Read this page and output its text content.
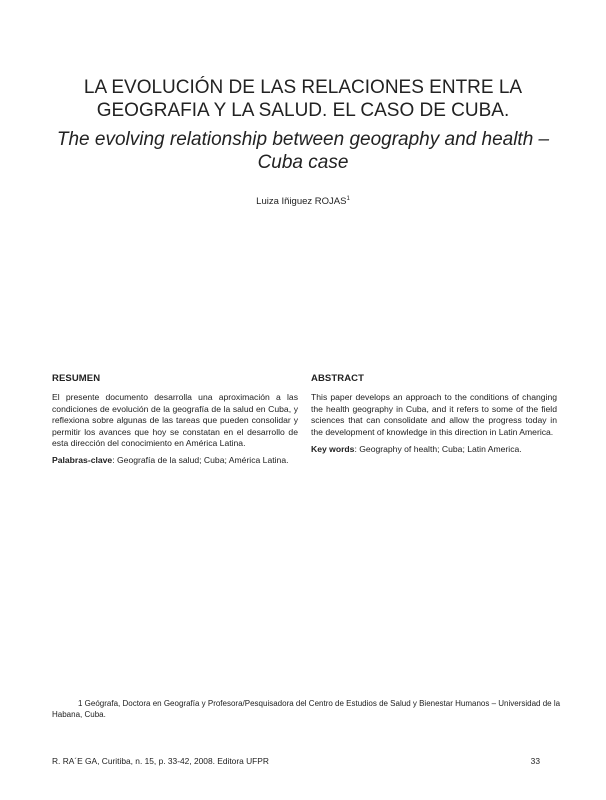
LA EVOLUCIÓN DE LAS RELACIONES ENTRE LA
GEOGRAFIA Y LA SALUD. EL CASO DE CUBA.
The evolving relationship between geography and health –
Cuba case
Luiza Iñiguez ROJAS$^1$
RESUMEN

El presente documento desarrolla una aproximación a las condiciones de evolución de la geografía de la salud en Cuba, y reflexiona sobre algunas de las tareas que pueden consolidar y permitir los avances que hoy se constatan en el desarrollo de esta dirección del conocimiento en América Latina.

Palabras-clave: Geografía de la salud; Cuba; América Latina.

ABSTRACT

This paper develops an approach to the conditions of changing the health geography in Cuba, and it refers to some of the field sciences that can consolidate and allow the progress today in the development of knowledge in this direction in Latin America.

Key words: Geography of health; Cuba; Latin America.

1 Geógrafa, Doctora en Geografía y Profesora/Pesquisadora del Centro de Estudios de Salud y Bienestar Humanos – Universidad de la Habana, Cuba.
R. RA´E GA, Curitiba, n. 15, p. 33-42, 2008. Editora UFPR	33
